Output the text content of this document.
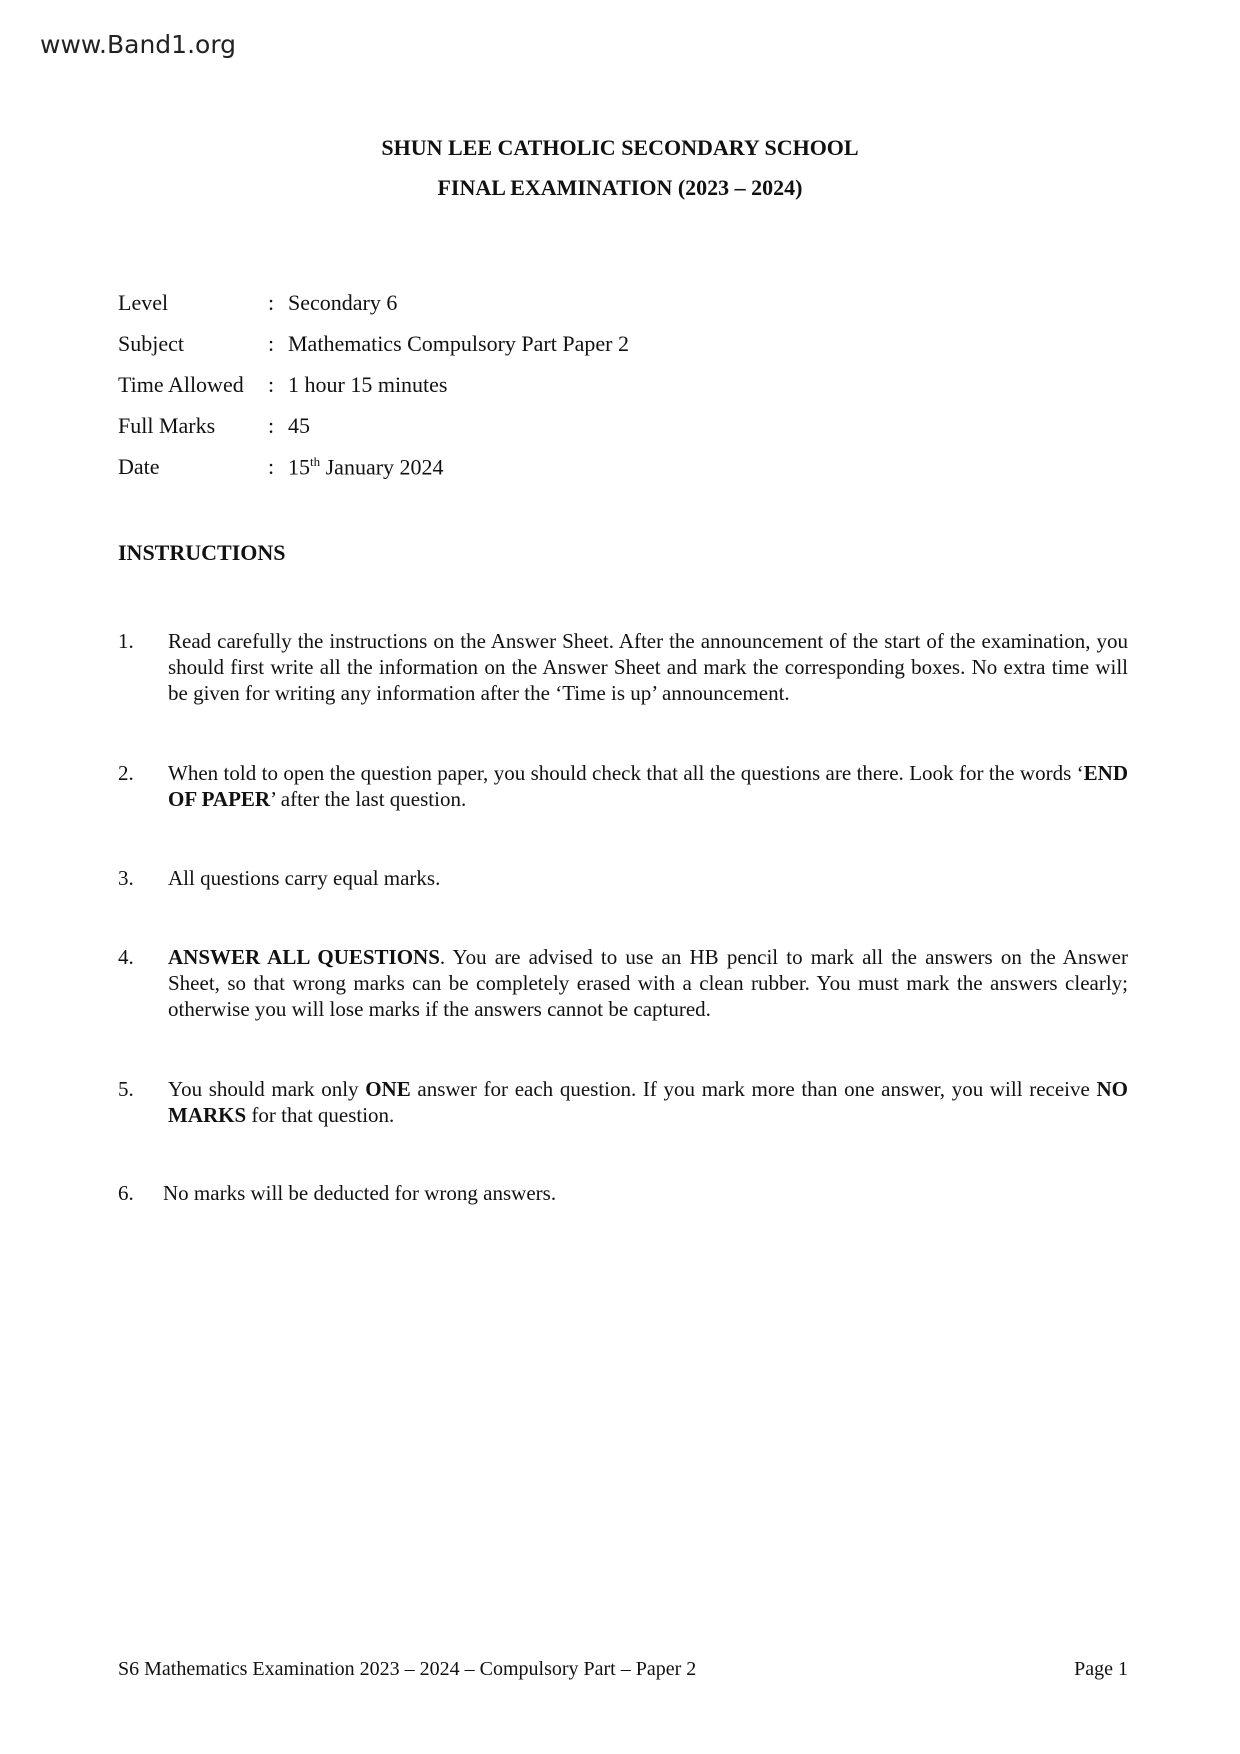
www.Band1.org
SHUN LEE CATHOLIC SECONDARY SCHOOL
FINAL EXAMINATION (2023 – 2024)
Level	: Secondary 6
Subject	: Mathematics Compulsory Part Paper 2
Time Allowed	: 1 hour 15 minutes
Full Marks	: 45
Date	: 15th January 2024
INSTRUCTIONS
1.	Read carefully the instructions on the Answer Sheet. After the announcement of the start of the examination, you should first write all the information on the Answer Sheet and mark the corresponding boxes. No extra time will be given for writing any information after the ‘Time is up’ announcement.
2.	When told to open the question paper, you should check that all the questions are there. Look for the words ‘END OF PAPER’ after the last question.
3.	All questions carry equal marks.
4.	ANSWER ALL QUESTIONS. You are advised to use an HB pencil to mark all the answers on the Answer Sheet, so that wrong marks can be completely erased with a clean rubber. You must mark the answers clearly; otherwise you will lose marks if the answers cannot be captured.
5.	You should mark only ONE answer for each question. If you mark more than one answer, you will receive NO MARKS for that question.
6.	No marks will be deducted for wrong answers.
S6 Mathematics Examination 2023 – 2024 – Compulsory Part – Paper 2	Page 1
